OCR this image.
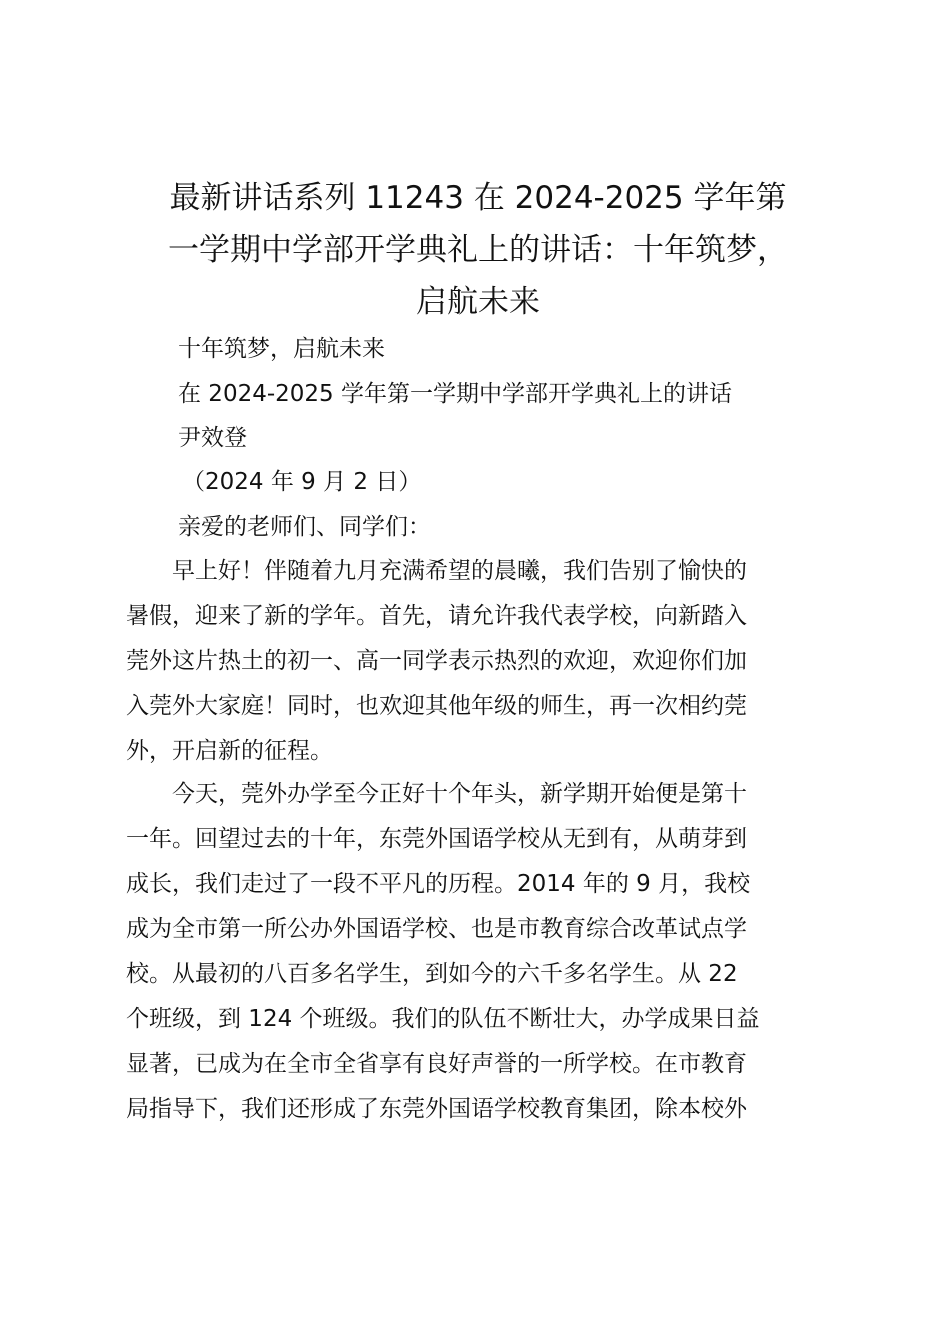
最新讲话系列 11243 在 2024-2025 学年第
一学期中学部开学典礼上的讲话：十年筑梦，
启航未来
十年筑梦，启航未来
在 2024-2025 学年第一学期中学部开学典礼上的讲话
尹效登
（2024 年 9 月 2 日）
亲爱的老师们、同学们：
　　早上好！伴随着九月充满希望的晨曦，我们告别了愉快的
暑假，迎来了新的学年。首先，请允许我代表学校，向新踏入
莞外这片热土的初一、高一同学表示热烈的欢迎，欢迎你们加
入莞外大家庭！同时，也欢迎其他年级的师生，再一次相约莞
外，开启新的征程。
　　今天，莞外办学至今正好十个年头，新学期开始便是第十
一年。回望过去的十年，东莞外国语学校从无到有，从萌芽到
成长，我们走过了一段不平凡的历程。2014 年的 9 月，我校
成为全市第一所公办外国语学校、也是市教育综合改革试点学
校。从最初的八百多名学生，到如今的六千多名学生。从 22
个班级，到 124 个班级。我们的队伍不断壮大，办学成果日益
显著，已成为在全市全省享有良好声誉的一所学校。在市教育
局指导下，我们还形成了东莞外国语学校教育集团，除本校外
